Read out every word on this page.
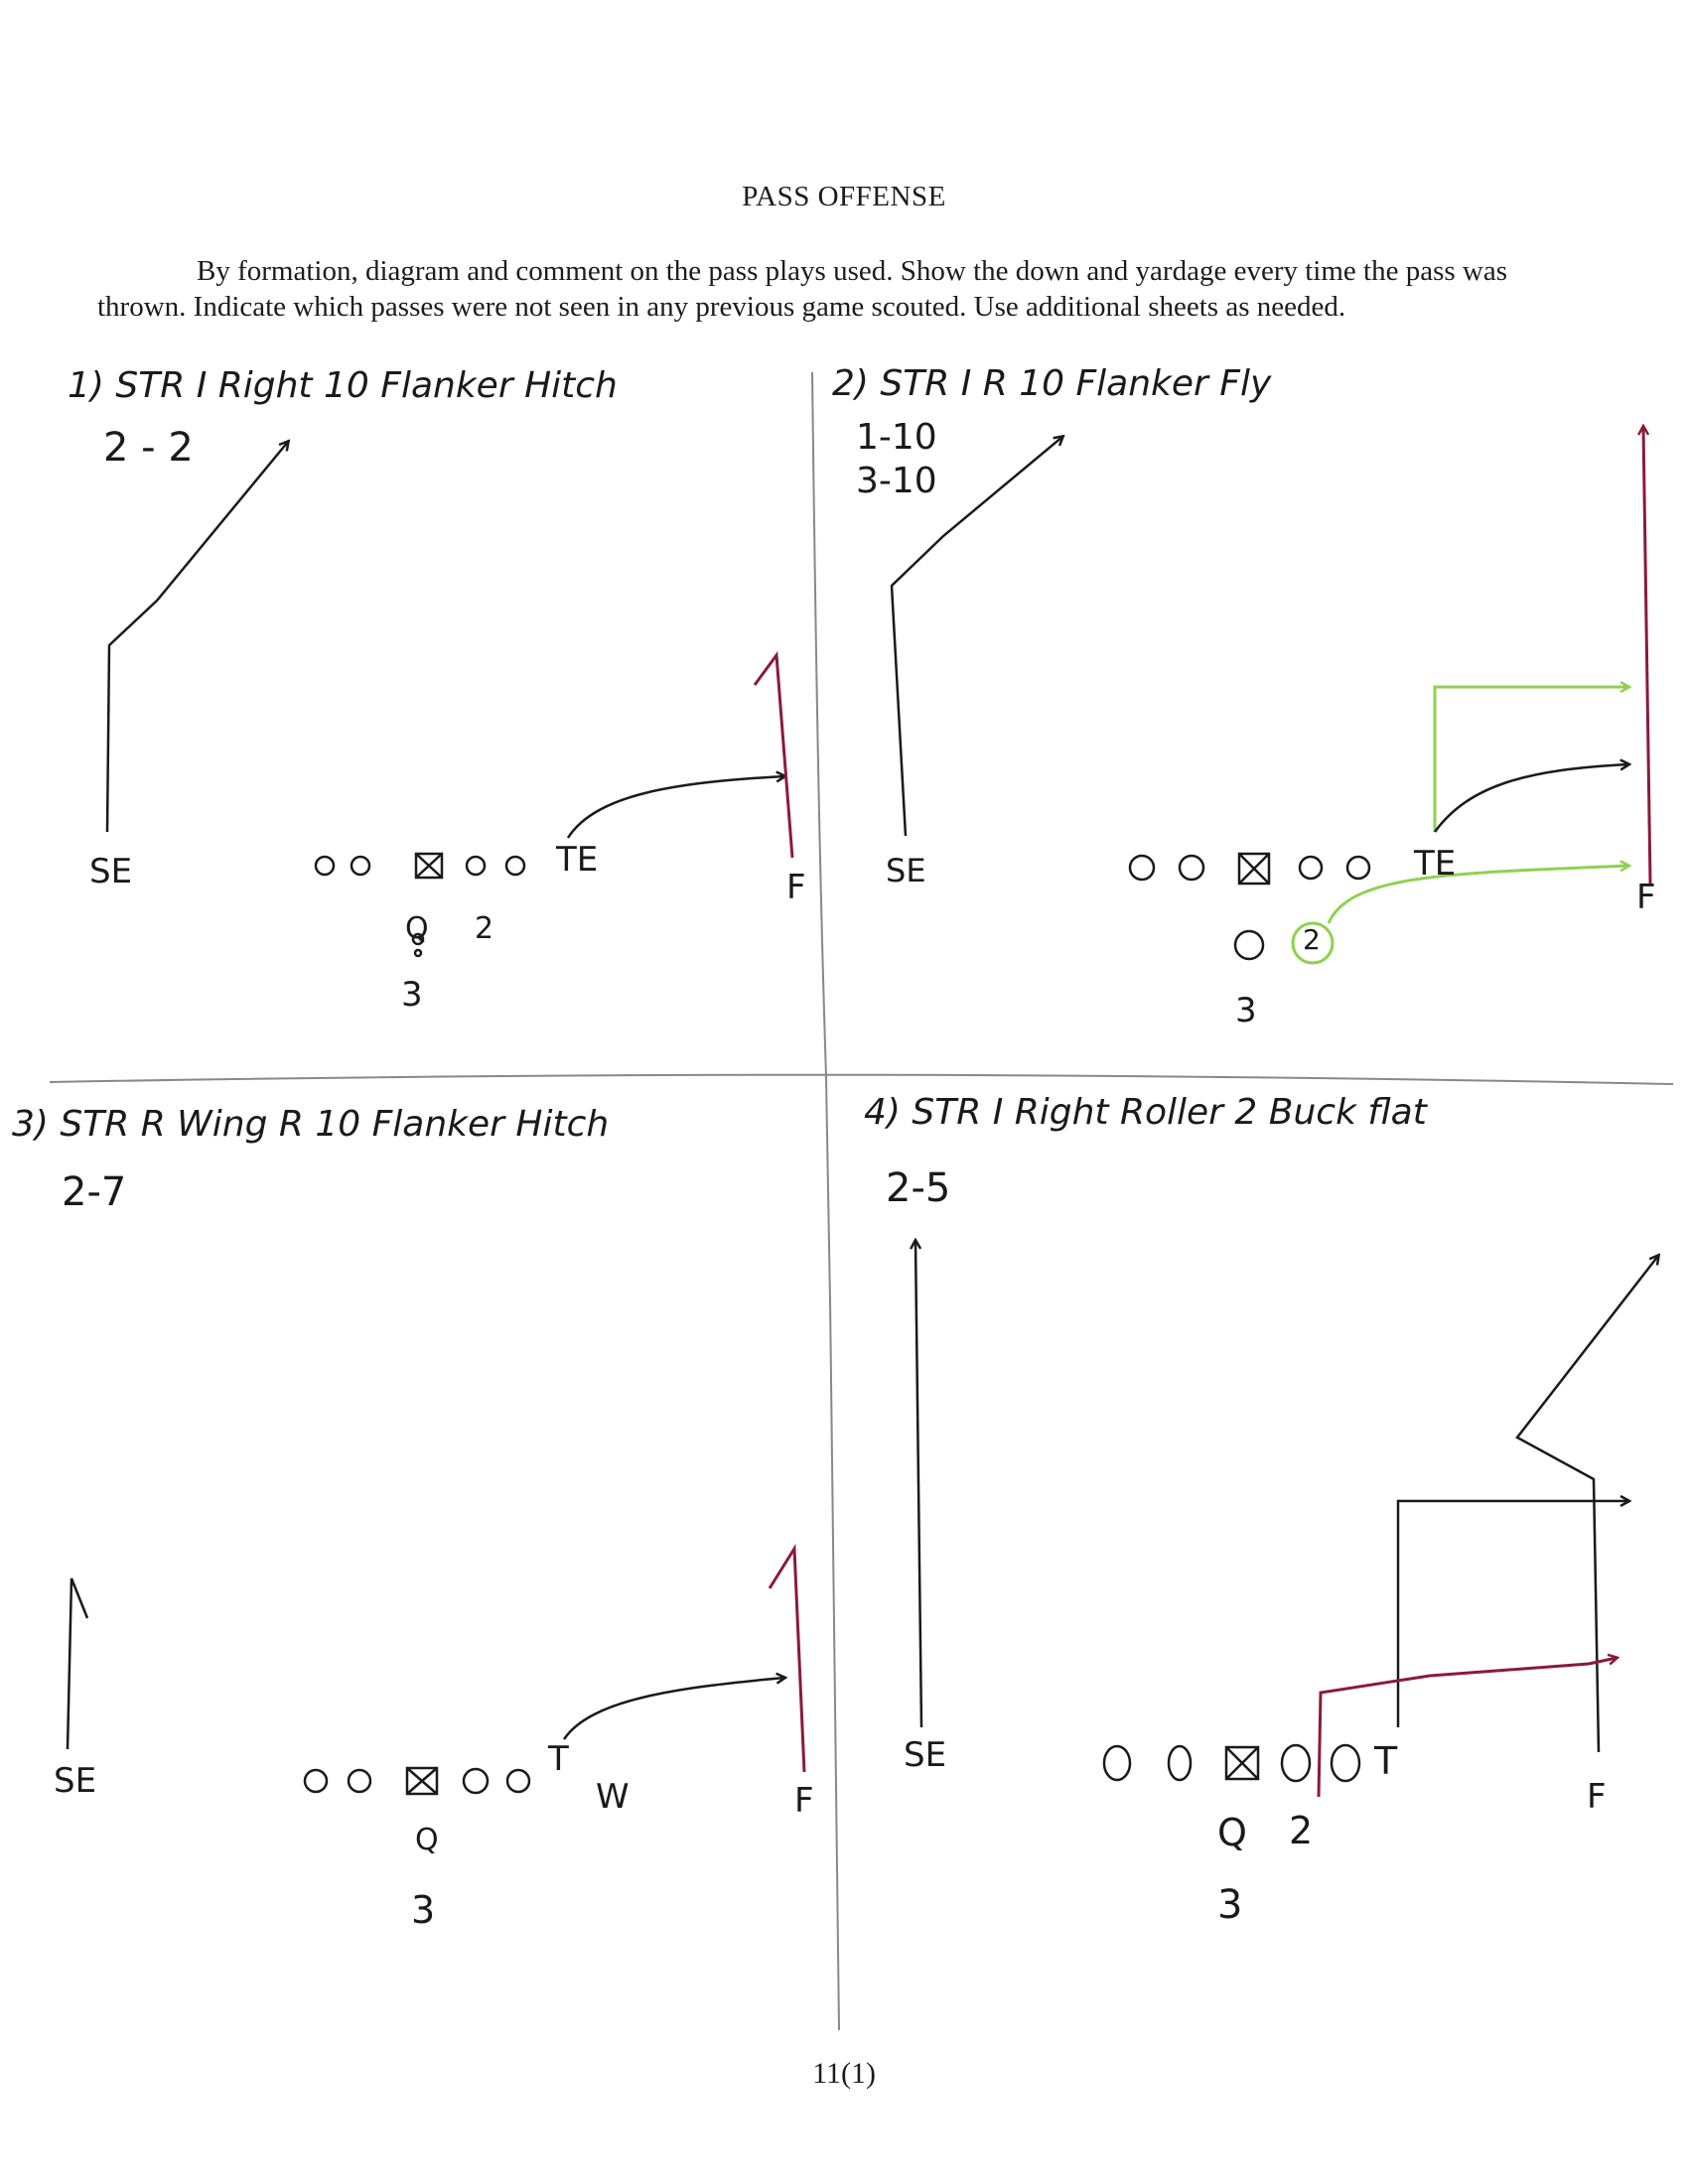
PASS OFFENSE
By formation, diagram and comment on the pass plays used. Show the down and yardage every time the pass was thrown. Indicate which passes were not seen in any previous game scouted. Use additional sheets as needed.
1) STR I Right 10 Flanker Hitch
2 - 2
2) STR I R 10 Flanker Fly
1-10
3-10
3) STR R Wing R 10 Flanker Hitch
2-7
4) STR I Right Roller 2 Buck flat
2-5
SE	TE
F
Q 2
3
SE	TE
F
2
3
SE
T
W	F
Q
3
SE	T
F
Q 2
3
11(1)
